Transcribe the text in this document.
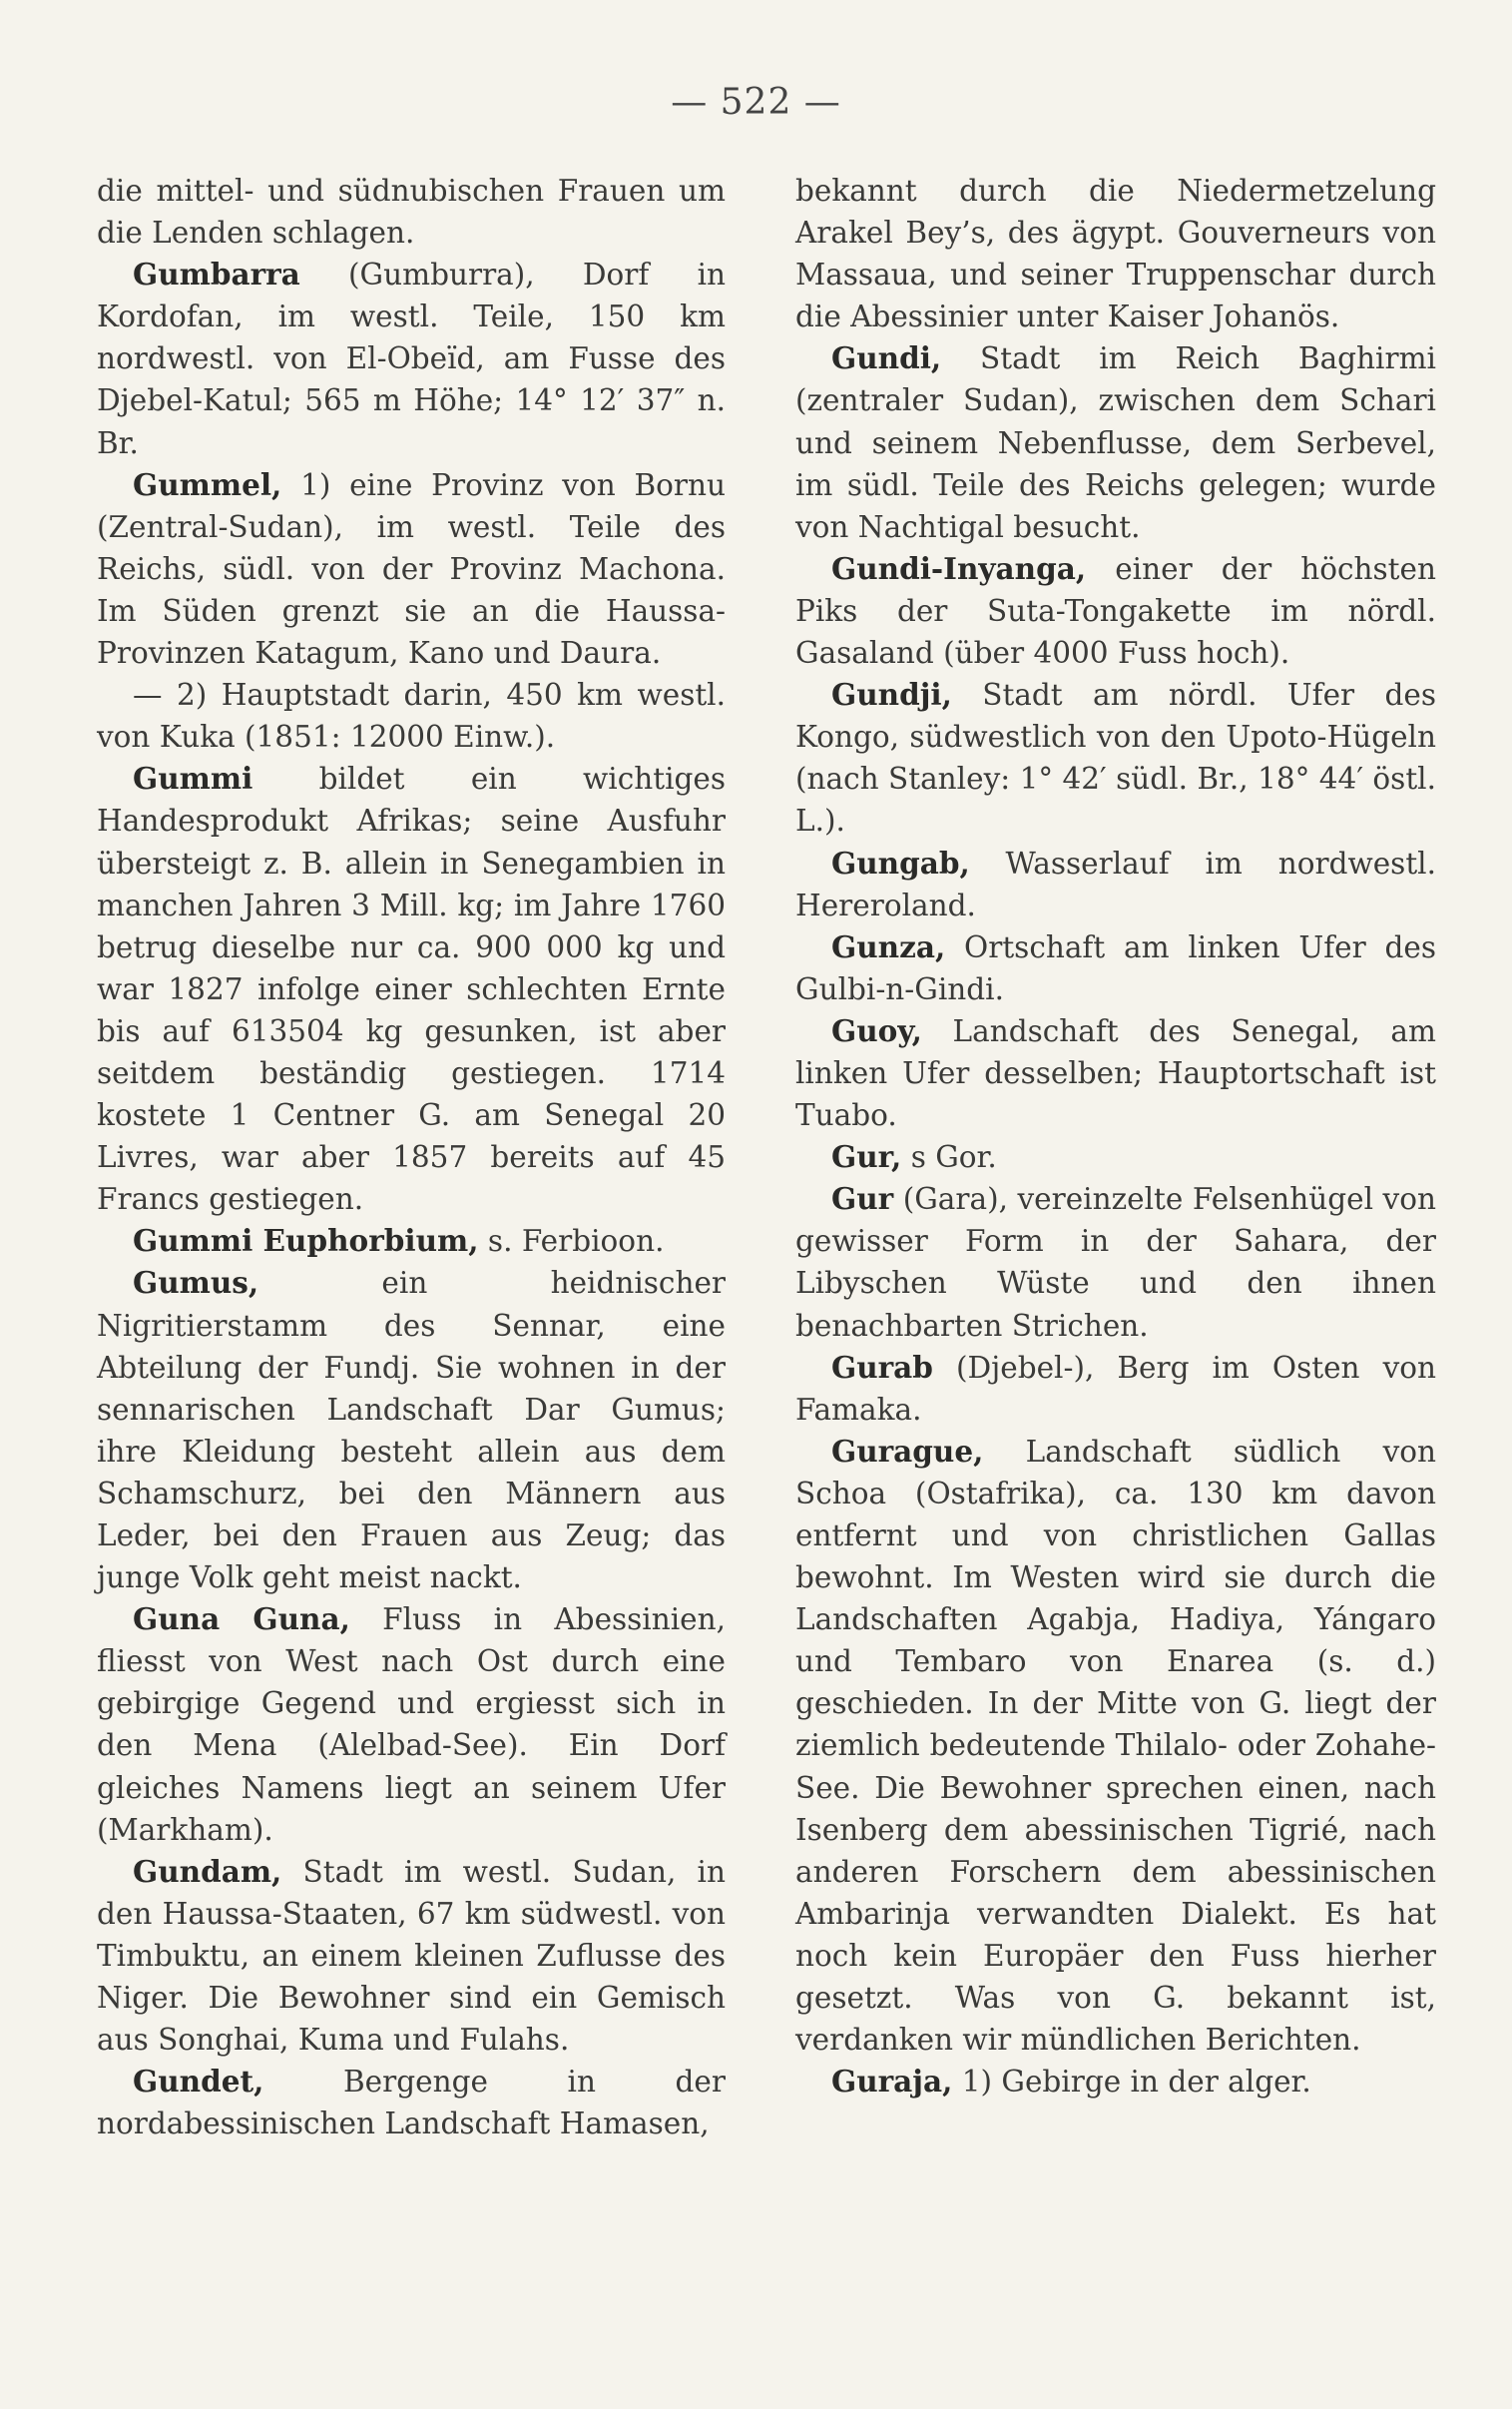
— 522 —

die mittel- und südnubischen Frauen um die Lenden schlagen.

Gumbarra (Gumburra), Dorf in Kordofan, im westl. Teile, 150 km nordwestl. von El-Obeïd, am Fusse des Djebel-Katul; 565 m Höhe; 14° 12′ 37″ n. Br.

Gummel, 1) eine Provinz von Bornu (Zentral-Sudan), im westl. Teile des Reichs, südl. von der Provinz Machona. Im Süden grenzt sie an die Haussa-Provinzen Katagum, Kano und Daura.

— 2) Hauptstadt darin, 450 km westl. von Kuka (1851: 12000 Einw.).

Gummi bildet ein wichtiges Handesprodukt Afrikas; seine Ausfuhr übersteigt z. B. allein in Senegambien in manchen Jahren 3 Mill. kg; im Jahre 1760 betrug dieselbe nur ca. 900 000 kg und war 1827 infolge einer schlechten Ernte bis auf 613504 kg gesunken, ist aber seitdem beständig gestiegen. 1714 kostete 1 Centner G. am Senegal 20 Livres, war aber 1857 bereits auf 45 Francs gestiegen.

Gummi Euphorbium, s. Ferbioon.

Gumus, ein heidnischer Nigritierstamm des Sennar, eine Abteilung der Fundj. Sie wohnen in der sennarischen Landschaft Dar Gumus; ihre Kleidung besteht allein aus dem Schamschurz, bei den Männern aus Leder, bei den Frauen aus Zeug; das junge Volk geht meist nackt.

Guna Guna, Fluss in Abessinien, fliesst von West nach Ost durch eine gebirgige Gegend und ergiesst sich in den Mena (Alelbad-See). Ein Dorf gleiches Namens liegt an seinem Ufer (Markham).

Gundam, Stadt im westl. Sudan, in den Haussa-Staaten, 67 km südwestl. von Timbuktu, an einem kleinen Zuflusse des Niger. Die Bewohner sind ein Gemisch aus Songhai, Kuma und Fulahs.

Gundet, Bergenge in der nordabessinischen Landschaft Hamasen,

bekannt durch die Niedermetzelung Arakel Bey’s, des ägypt. Gouverneurs von Massaua, und seiner Truppenschar durch die Abessinier unter Kaiser Johanös.

Gundi, Stadt im Reich Baghirmi (zentraler Sudan), zwischen dem Schari und seinem Nebenflusse, dem Serbevel, im südl. Teile des Reichs gelegen; wurde von Nachtigal besucht.

Gundi-Inyanga, einer der höchsten Piks der Suta-Tongakette im nördl. Gasaland (über 4000 Fuss hoch).

Gundji, Stadt am nördl. Ufer des Kongo, südwestlich von den Upoto-Hügeln (nach Stanley: 1° 42′ südl. Br., 18° 44′ östl. L.).

Gungab, Wasserlauf im nordwestl. Hereroland.

Gunza, Ortschaft am linken Ufer des Gulbi-n-Gindi.

Guoy, Landschaft des Senegal, am linken Ufer desselben; Hauptortschaft ist Tuabo.

Gur, s Gor.

Gur (Gara), vereinzelte Felsenhügel von gewisser Form in der Sahara, der Libyschen Wüste und den ihnen benachbarten Strichen.

Gurab (Djebel-), Berg im Osten von Famaka.

Gurague, Landschaft südlich von Schoa (Ostafrika), ca. 130 km davon entfernt und von christlichen Gallas bewohnt. Im Westen wird sie durch die Landschaften Agabja, Hadiya, Yángaro und Tembaro von Enarea (s. d.) geschieden. In der Mitte von G. liegt der ziemlich bedeutende Thilalo- oder Zohahe-See. Die Bewohner sprechen einen, nach Isenberg dem abessinischen Tigrié, nach anderen Forschern dem abessinischen Ambarinja verwandten Dialekt. Es hat noch kein Europäer den Fuss hierher gesetzt. Was von G. bekannt ist, verdanken wir mündlichen Berichten.

Guraja, 1) Gebirge in der alger.
